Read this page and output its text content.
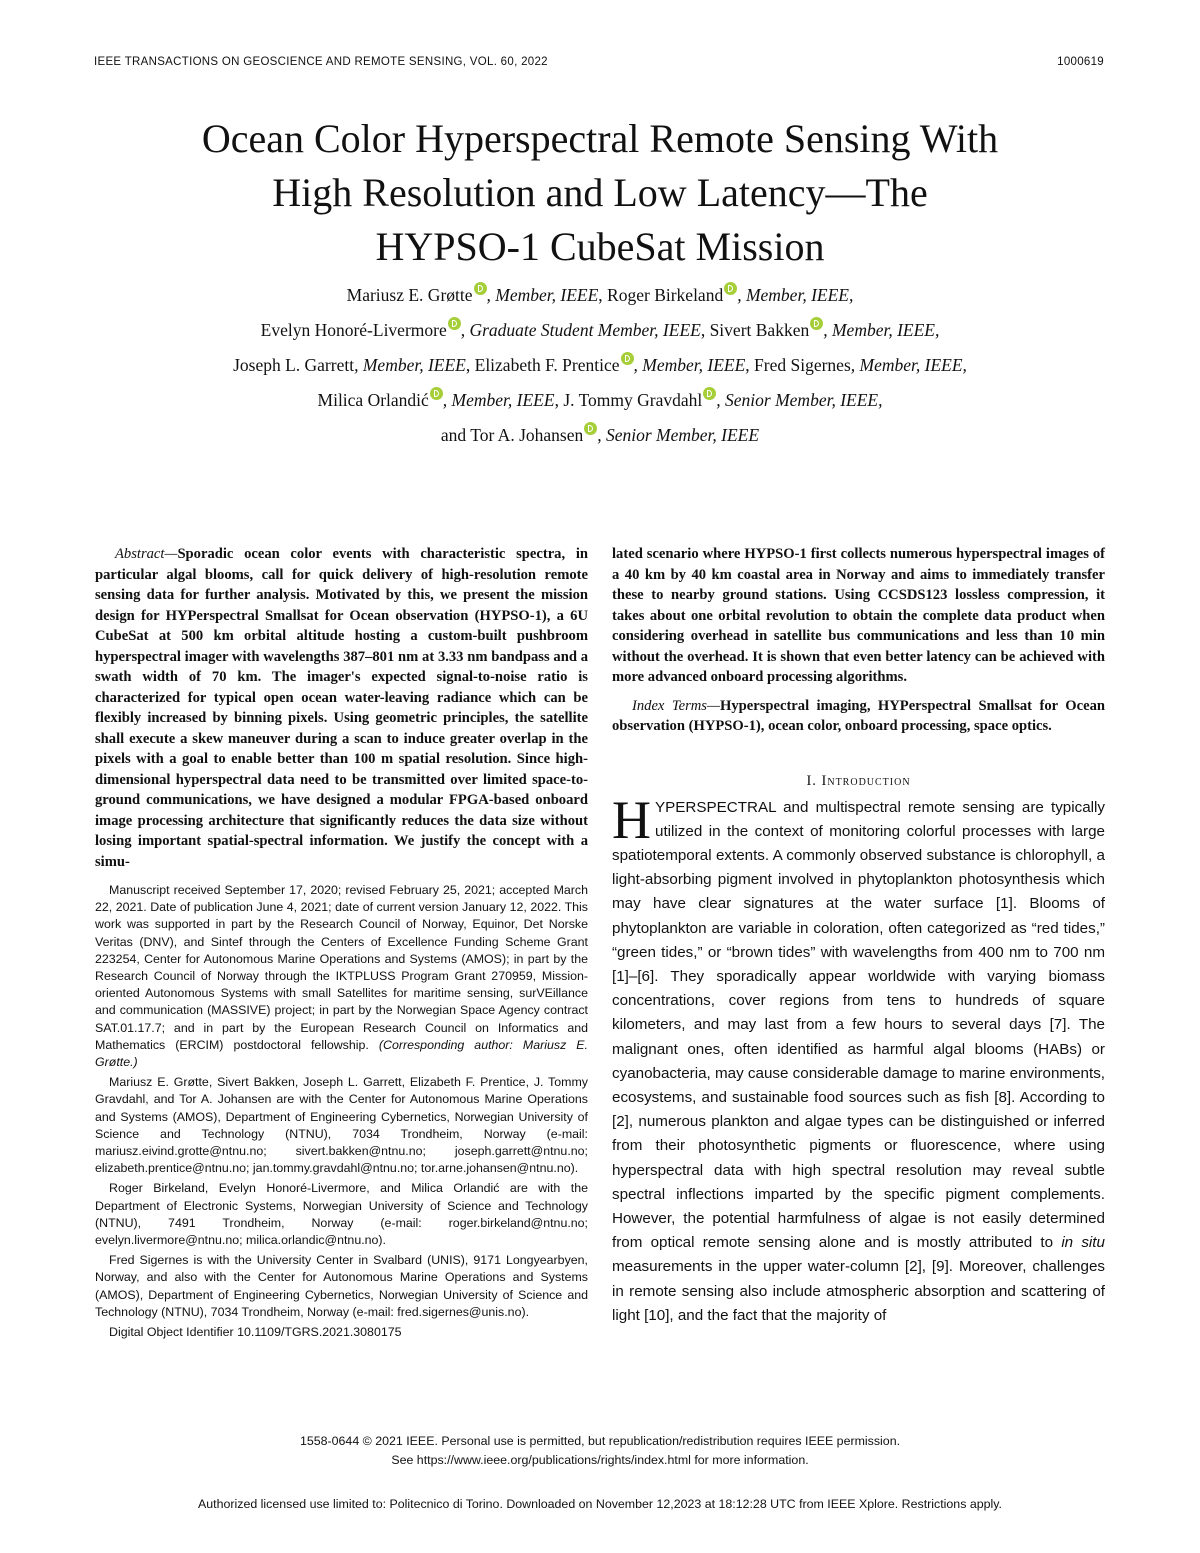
IEEE TRANSACTIONS ON GEOSCIENCE AND REMOTE SENSING, VOL. 60, 2022	1000619
Ocean Color Hyperspectral Remote Sensing With
High Resolution and Low Latency—The
HYPSO-1 CubeSat Mission
Mariusz E. Grøtte , Member, IEEE, Roger Birkeland , Member, IEEE,
Evelyn Honoré-Livermore , Graduate Student Member, IEEE, Sivert Bakken , Member, IEEE,
Joseph L. Garrett, Member, IEEE, Elizabeth F. Prentice , Member, IEEE, Fred Sigernes, Member, IEEE,
Milica Orlandić , Member, IEEE, J. Tommy Gravdahl , Senior Member, IEEE,
and Tor A. Johansen , Senior Member, IEEE

Abstract—Sporadic ocean color events with characteristic spectra, in particular algal blooms, call for quick delivery of high-resolution remote sensing data for further analysis. Motivated by this, we present the mission design for HYPerspectral Smallsat for Ocean observation (HYPSO-1), a 6U CubeSat at 500 km orbital altitude hosting a custom-built pushbroom hyperspectral imager with wavelengths 387–801 nm at 3.33 nm bandpass and a swath width of 70 km. The imager's expected signal-to-noise ratio is characterized for typical open ocean water-leaving radiance which can be flexibly increased by binning pixels. Using geometric principles, the satellite shall execute a skew maneuver during a scan to induce greater overlap in the pixels with a goal to enable better than 100 m spatial resolution. Since high-dimensional hyperspectral data need to be transmitted over limited space-to-ground communications, we have designed a modular FPGA-based onboard image processing architecture that significantly reduces the data size without losing important spatial-spectral information. We justify the concept with a simu-

Manuscript received September 17, 2020; revised February 25, 2021; accepted March 22, 2021. Date of publication June 4, 2021; date of current version January 12, 2022. This work was supported in part by the Research Council of Norway, Equinor, Det Norske Veritas (DNV), and Sintef through the Centers of Excellence Funding Scheme Grant 223254, Center for Autonomous Marine Operations and Systems (AMOS); in part by the Research Council of Norway through the IKTPLUSS Program Grant 270959, Mission-oriented Autonomous Systems with small Satellites for maritime sensing, surVEillance and communication (MASSIVE) project; in part by the Norwegian Space Agency contract SAT.01.17.7; and in part by the European Research Council on Informatics and Mathematics (ERCIM) postdoctoral fellowship. (Corresponding author: Mariusz E. Grøtte.)

Mariusz E. Grøtte, Sivert Bakken, Joseph L. Garrett, Elizabeth F. Prentice, J. Tommy Gravdahl, and Tor A. Johansen are with the Center for Autonomous Marine Operations and Systems (AMOS), Department of Engineering Cybernetics, Norwegian University of Science and Technology (NTNU), 7034 Trondheim, Norway (e-mail: mariusz.eivind.grotte@ntnu.no; sivert.bakken@ntnu.no; joseph.garrett@ntnu.no; elizabeth.prentice@ntnu.no; jan.tommy.gravdahl@ntnu.no; tor.arne.johansen@ntnu.no).

Roger Birkeland, Evelyn Honoré-Livermore, and Milica Orlandić are with the Department of Electronic Systems, Norwegian University of Science and Technology (NTNU), 7491 Trondheim, Norway (e-mail: roger.birkeland@ntnu.no; evelyn.livermore@ntnu.no; milica.orlandic@ntnu.no).

Fred Sigernes is with the University Center in Svalbard (UNIS), 9171 Longyearbyen, Norway, and also with the Center for Autonomous Marine Operations and Systems (AMOS), Department of Engineering Cybernetics, Norwegian University of Science and Technology (NTNU), 7034 Trondheim, Norway (e-mail: fred.sigernes@unis.no).

Digital Object Identifier 10.1109/TGRS.2021.3080175

lated scenario where HYPSO-1 first collects numerous hyperspectral images of a 40 km by 40 km coastal area in Norway and aims to immediately transfer these to nearby ground stations. Using CCSDS123 lossless compression, it takes about one orbital revolution to obtain the complete data product when considering overhead in satellite bus communications and less than 10 min without the overhead. It is shown that even better latency can be achieved with more advanced onboard processing algorithms.

Index Terms—Hyperspectral imaging, HYPerspectral Smallsat for Ocean observation (HYPSO-1), ocean color, onboard processing, space optics.

I. Introduction

HYPERSPECTRAL and multispectral remote sensing are typically utilized in the context of monitoring colorful processes with large spatiotemporal extents. A commonly observed substance is chlorophyll, a light-absorbing pigment involved in phytoplankton photosynthesis which may have clear signatures at the water surface [1]. Blooms of phytoplankton are variable in coloration, often categorized as “red tides,” “green tides,” or “brown tides” with wavelengths from 400 nm to 700 nm [1]–[6]. They sporadically appear worldwide with varying biomass concentrations, cover regions from tens to hundreds of square kilometers, and may last from a few hours to several days [7]. The malignant ones, often identified as harmful algal blooms (HABs) or cyanobacteria, may cause considerable damage to marine environments, ecosystems, and sustainable food sources such as fish [8]. According to [2], numerous plankton and algae types can be distinguished or inferred from their photosynthetic pigments or fluorescence, where using hyperspectral data with high spectral resolution may reveal subtle spectral inflections imparted by the specific pigment complements. However, the potential harmfulness of algae is not easily determined from optical remote sensing alone and is mostly attributed to in situ measurements in the upper water-column [2], [9]. Moreover, challenges in remote sensing also include atmospheric absorption and scattering of light [10], and the fact that the majority of

1558-0644 © 2021 IEEE. Personal use is permitted, but republication/redistribution requires IEEE permission.
See https://www.ieee.org/publications/rights/index.html for more information.
Authorized licensed use limited to: Politecnico di Torino. Downloaded on November 12,2023 at 18:12:28 UTC from IEEE Xplore. Restrictions apply.
